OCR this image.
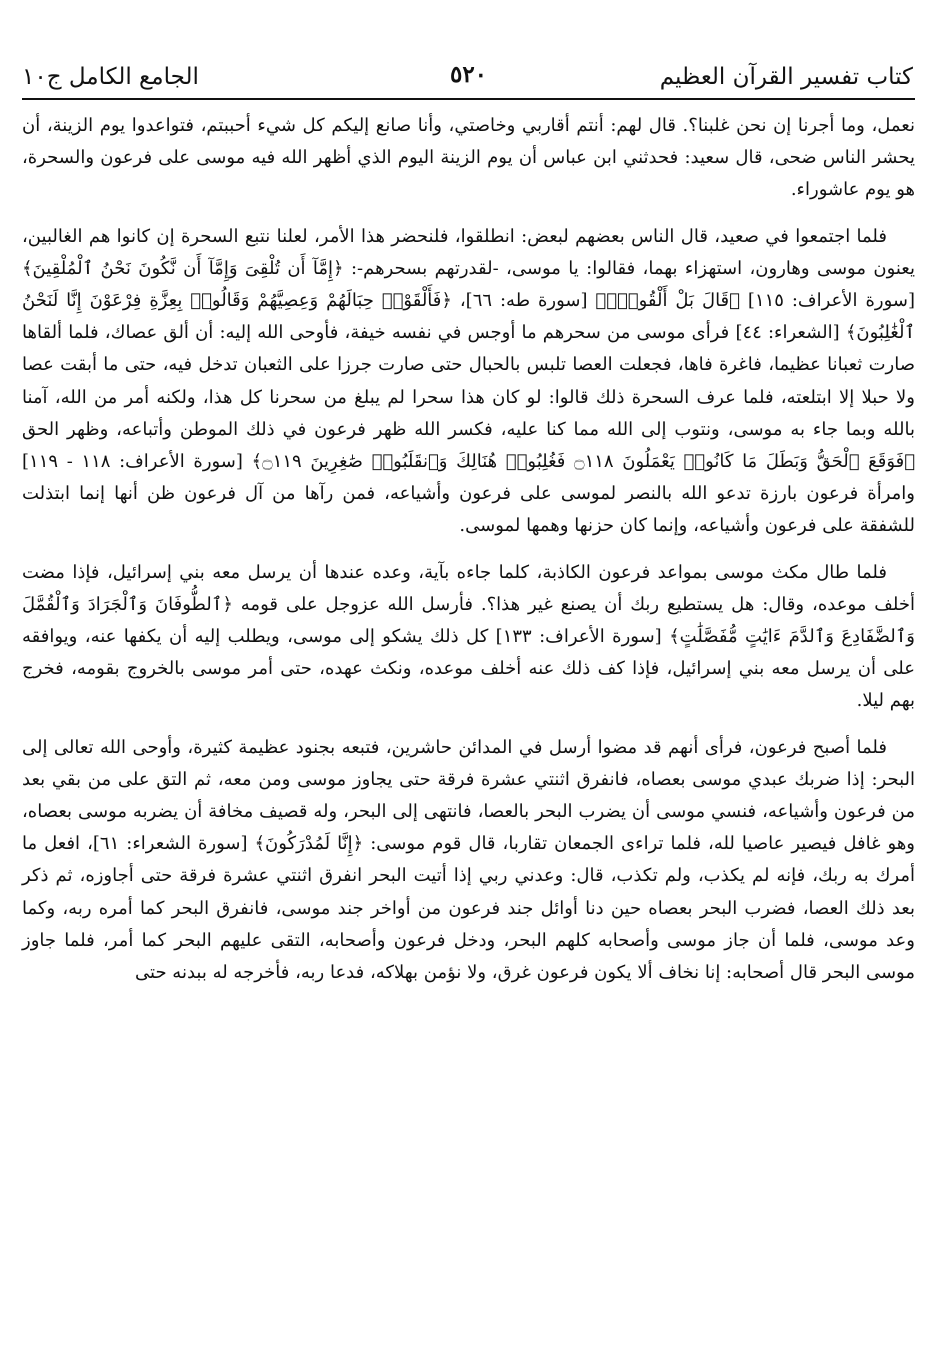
كتاب تفسير القرآن العظيم
٥٢٠
الجامع الكامل ج١٠

نعمل، وما أجرنا إن نحن غلبنا؟. قال لهم: أنتم أقاربي وخاصتي، وأنا صانع إليكم كل شيء أحببتم، فتواعدوا يوم الزينة، أن يحشر الناس ضحى، قال سعيد: فحدثني ابن عباس أن يوم الزينة اليوم الذي أظهر الله فيه موسى على فرعون والسحرة، هو يوم عاشوراء.

فلما اجتمعوا في صعيد، قال الناس بعضهم لبعض: انطلقوا، فلنحضر هذا الأمر، لعلنا نتبع السحرة إن كانوا هم الغالبين، يعنون موسى وهارون، استهزاء بهما، فقالوا: يا موسى، -لقدرتهم بسحرهم-: ﴿إِمَّآ أَن تُلْقِىَ وَإِمَّآ أَن نَّكُونَ نَحْنُ ٱلْمُلْقِينَ﴾ [سورة الأعراف: ١١٥] ﴿قَالَ بَلْ أَلْقُوا۟ۖ﴾ [سورة طه: ٦٦]، ﴿فَأَلْقَوْا۟ حِبَالَهُمْ وَعِصِيَّهُمْ وَقَالُوا۟ بِعِزَّةِ فِرْعَوْنَ إِنَّا لَنَحْنُ ٱلْغَٰلِبُونَ﴾ [الشعراء: ٤٤] فرأى موسى من سحرهم ما أوجس في نفسه خيفة، فأوحى الله إليه: أن ألق عصاك، فلما ألقاها صارت ثعبانا عظيما، فاغرة فاها، فجعلت العصا تلبس بالحبال حتى صارت جرزا على الثعبان تدخل فيه، حتى ما أبقت عصا ولا حبلا إلا ابتلعته، فلما عرف السحرة ذلك قالوا: لو كان هذا سحرا لم يبلغ من سحرنا كل هذا، ولكنه أمر من الله، آمنا بالله وبما جاء به موسى، ونتوب إلى الله مما كنا عليه، فكسر الله ظهر فرعون في ذلك الموطن وأتباعه، وظهر الحق ﴿فَوَقَعَ ٱلْحَقُّ وَبَطَلَ مَا كَانُوا۟ يَعْمَلُونَ ۝١١٨ فَغُلِبُوا۟ هُنَالِكَ وَٱنقَلَبُوا۟ صَٰغِرِينَ ۝١١٩﴾ [سورة الأعراف: ١١٨ - ١١٩] وامرأة فرعون بارزة تدعو الله بالنصر لموسى على فرعون وأشياعه، فمن رآها من آل فرعون ظن أنها إنما ابتذلت للشفقة على فرعون وأشياعه، وإنما كان حزنها وهمها لموسى.

فلما طال مكث موسى بمواعد فرعون الكاذبة، كلما جاءه بآية، وعده عندها أن يرسل معه بني إسرائيل، فإذا مضت أخلف موعده، وقال: هل يستطيع ربك أن يصنع غير هذا؟. فأرسل الله عزوجل على قومه ﴿ٱلطُّوفَانَ وَٱلْجَرَادَ وَٱلْقُمَّلَ وَٱلضَّفَادِعَ وَٱلدَّمَ ءَايَٰتٍ مُّفَصَّلَٰتٍ﴾ [سورة الأعراف: ١٣٣] كل ذلك يشكو إلى موسى، ويطلب إليه أن يكفها عنه، ويوافقه على أن يرسل معه بني إسرائيل، فإذا كف ذلك عنه أخلف موعده، ونكث عهده، حتى أمر موسى بالخروج بقومه، فخرج بهم ليلا.

فلما أصبح فرعون، فرأى أنهم قد مضوا أرسل في المدائن حاشرين، فتبعه بجنود عظيمة كثيرة، وأوحى الله تعالى إلى البحر: إذا ضربك عبدي موسى بعصاه، فانفرق اثنتي عشرة فرقة حتى يجاوز موسى ومن معه، ثم التق على من بقي بعد من فرعون وأشياعه، فنسي موسى أن يضرب البحر بالعصا، فانتهى إلى البحر، وله قصيف مخافة أن يضربه موسى بعصاه، وهو غافل فيصير عاصيا لله، فلما تراءى الجمعان تقاربا، قال قوم موسى: ﴿إِنَّا لَمُدْرَكُونَ﴾ [سورة الشعراء: ٦١]، افعل ما أمرك به ربك، فإنه لم يكذب، ولم تكذب، قال: وعدني ربي إذا أتيت البحر انفرق اثنتي عشرة فرقة حتى أجاوزه، ثم ذكر بعد ذلك العصا، فضرب البحر بعصاه حين دنا أوائل جند فرعون من أواخر جند موسى، فانفرق البحر كما أمره ربه، وكما وعد موسى، فلما أن جاز موسى وأصحابه كلهم البحر، ودخل فرعون وأصحابه، التقى عليهم البحر كما أمر، فلما جاوز موسى البحر قال أصحابه: إنا نخاف ألا يكون فرعون غرق، ولا نؤمن بهلاكه، فدعا ربه، فأخرجه له ببدنه حتى
